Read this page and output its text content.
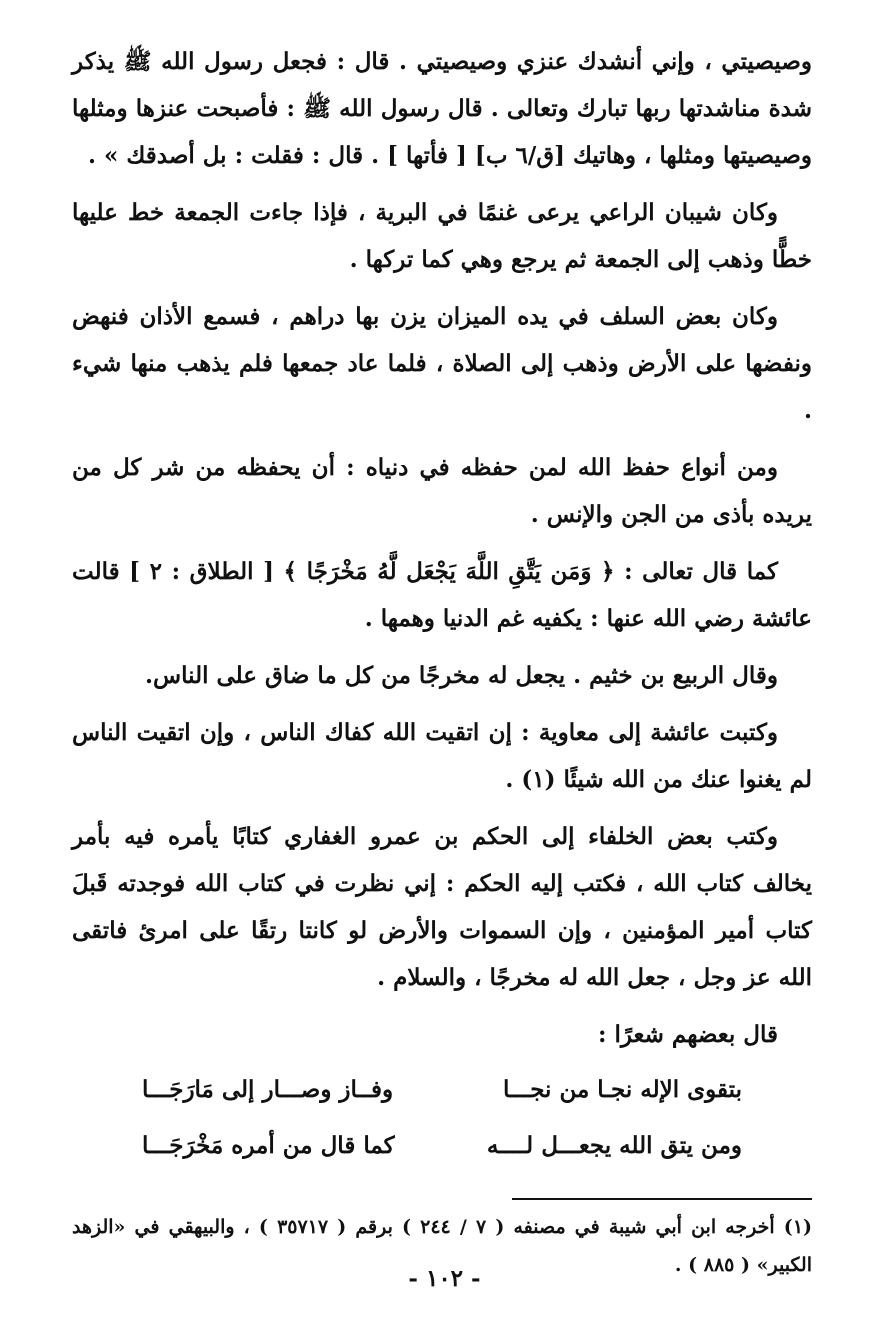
وصيصيتي ، وإني أنشدك عنزي وصيصيتي . قال : فجعل رسول الله ﷺ يذكر شدة مناشدتها ربها تبارك وتعالى . قال رسول الله ﷺ : فأصبحت عنزها ومثلها وصيصيتها ومثلها ، وهاتيك [ق/٦ ب] [ فأتها ] . قال : فقلت : بل أصدقك » .

وكان شيبان الراعي يرعى غنمًا في البرية ، فإذا جاءت الجمعة خط عليها خطًّا وذهب إلى الجمعة ثم يرجع وهي كما تركها .

وكان بعض السلف في يده الميزان يزن بها دراهم ، فسمع الأذان فنهض ونفضها على الأرض وذهب إلى الصلاة ، فلما عاد جمعها فلم يذهب منها شيء .

ومن أنواع حفظ الله لمن حفظه في دنياه : أن يحفظه من شر كل من يريده بأذى من الجن والإنس .

كما قال تعالى : ﴿ وَمَن يَتَّقِ اللَّهَ يَجْعَل لَّهُ مَخْرَجًا ﴾ [ الطلاق : ٢ ] قالت عائشة رضي الله عنها : يكفيه غم الدنيا وهمها .

وقال الربيع بن خثيم . يجعل له مخرجًا من كل ما ضاق على الناس.

وكتبت عائشة إلى معاوية : إن اتقيت الله كفاك الناس ، وإن اتقيت الناس لم يغنوا عنك من الله شيئًا (١) .

وكتب بعض الخلفاء إلى الحكم بن عمرو الغفاري كتابًا يأمره فيه بأمر يخالف كتاب الله ، فكتب إليه الحكم : إني نظرت في كتاب الله فوجدته قَبلَ كتاب أمير المؤمنين ، وإن السموات والأرض لو كانتا رتقًا على امرئ فاتقى الله عز وجل ، جعل الله له مخرجًا ، والسلام .

قال بعضهم شعرًا :

بتقوى الإله نجـا من نجـــا
وفــاز وصـــار إلى مَارَجَـــا
ومن يتق الله يجعـــل لــــه
كما قال من أمره مَخْرَجَـــا

(١) أخرجه ابن أبي شيبة في مصنفه ( ٧ / ٢٤٤ ) برقم ( ٣٥٧١٧ ) ، والبيهقي في «الزهد الكبير» ( ٨٨٥ ) .

- ١٠٢ -
